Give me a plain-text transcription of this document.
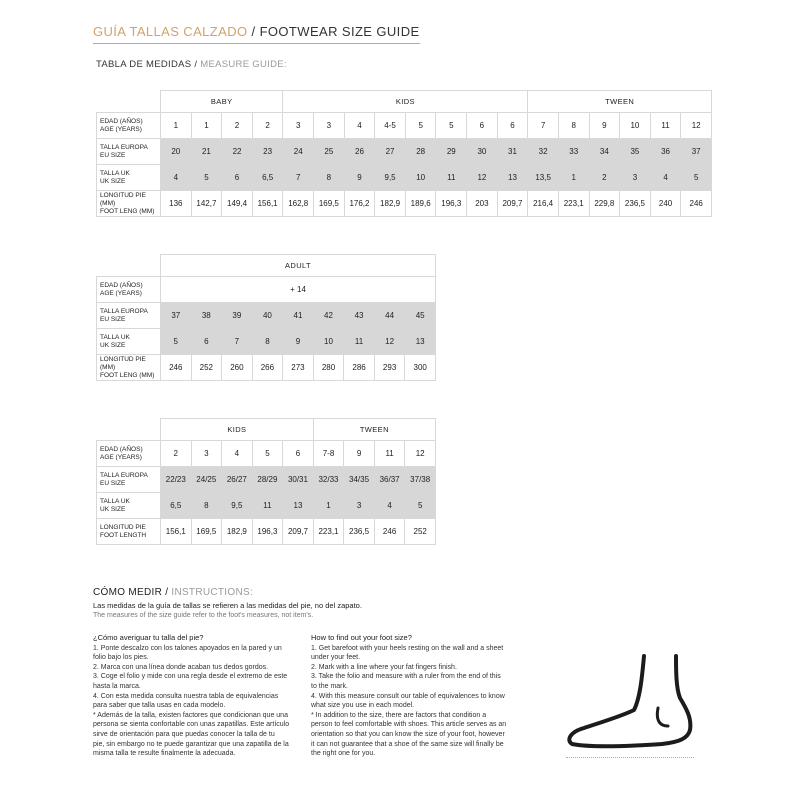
GUÍA TALLAS CALZADO / FOOTWEAR SIZE GUIDE
TABLA DE MEDIDAS / MEASURE GUIDE:
	BABY				KIDS								TWEEN					
EDAD (AÑOS)
AGE (YEARS)	1	1	2	2	3	3	4	4-5	5	5	6	6	7	8	9	10	11	12
TALLA EUROPA
EU SIZE	20	21	22	23	24	25	26	27	28	29	30	31	32	33	34	35	36	37
TALLA UK
UK SIZE	4	5	6	6,5	7	8	9	9,5	10	11	12	13	13,5	1	2	3	4	5
LONGITUD PIE (MM)
FOOT LENG (MM)	136	142,7	149,4	156,1	162,8	169,5	176,2	182,9	189,6	196,3	203	209,7	216,4	223,1	229,8	236,5	240	246
	ADULT								
EDAD (AÑOS)
AGE (YEARS)	+ 14								
TALLA EUROPA
EU SIZE	37	38	39	40	41	42	43	44	45
TALLA UK
UK SIZE	5	6	7	8	9	10	11	12	13
LONGITUD PIE (MM)
FOOT LENG (MM)	246	252	260	266	273	280	286	293	300
	KIDS					TWEEN			
EDAD (AÑOS)
AGE (YEARS)	2	3	4	5	6	7-8	9	11	12
TALLA EUROPA
EU SIZE	22/23	24/25	26/27	28/29	30/31	32/33	34/35	36/37	37/38
TALLA UK
UK SIZE	6,5	8	9,5	11	13	1	3	4	5
LONGITUD PIE
FOOT LENGTH	156,1	169,5	182,9	196,3	209,7	223,1	236,5	246	252
CÓMO MEDIR / INSTRUCTIONS:
Las medidas de la guía de tallas se refieren a las medidas del pie, no del zapato.
The measures of the size guide refer to the foot's measures, not item's.
¿Cómo averiguar tu talla del pie?
1. Ponte descalzo con los talones apoyados en la pared y un
folio bajo los pies.
2. Marca con una línea donde acaban tus dedos gordos.
3. Coge el folio y mide con una regla desde el extremo de este
hasta la marca.
4. Con esta medida consulta nuestra tabla de equivalencias
para saber que talla usas en cada modelo.
* Además de la talla, existen factores que condicionan que una
persona se sienta confortable con unas zapatillas. Este artículo
sirve de orientación para que puedas conocer la talla de tu
pie, sin embargo no te puede garantizar que una zapatilla de la
misma talla te resulte finalmente la adecuada.
How to find out your foot size?
1. Get barefoot with your heels resting on the wall and a sheet
under your feet.
2. Mark with a line where your fat fingers finish.
3. Take the folio and measure with a ruler from the end of this
to the mark.
4. With this measure consult our table of equivalences to know
what size you use in each model.
* In addition to the size, there are factors that condition a
person to feel comfortable with shoes. This article serves as an
orientation so that you can know the size of your foot, however
it can not guarantee that a shoe of the same size will finally be
the right one for you.
